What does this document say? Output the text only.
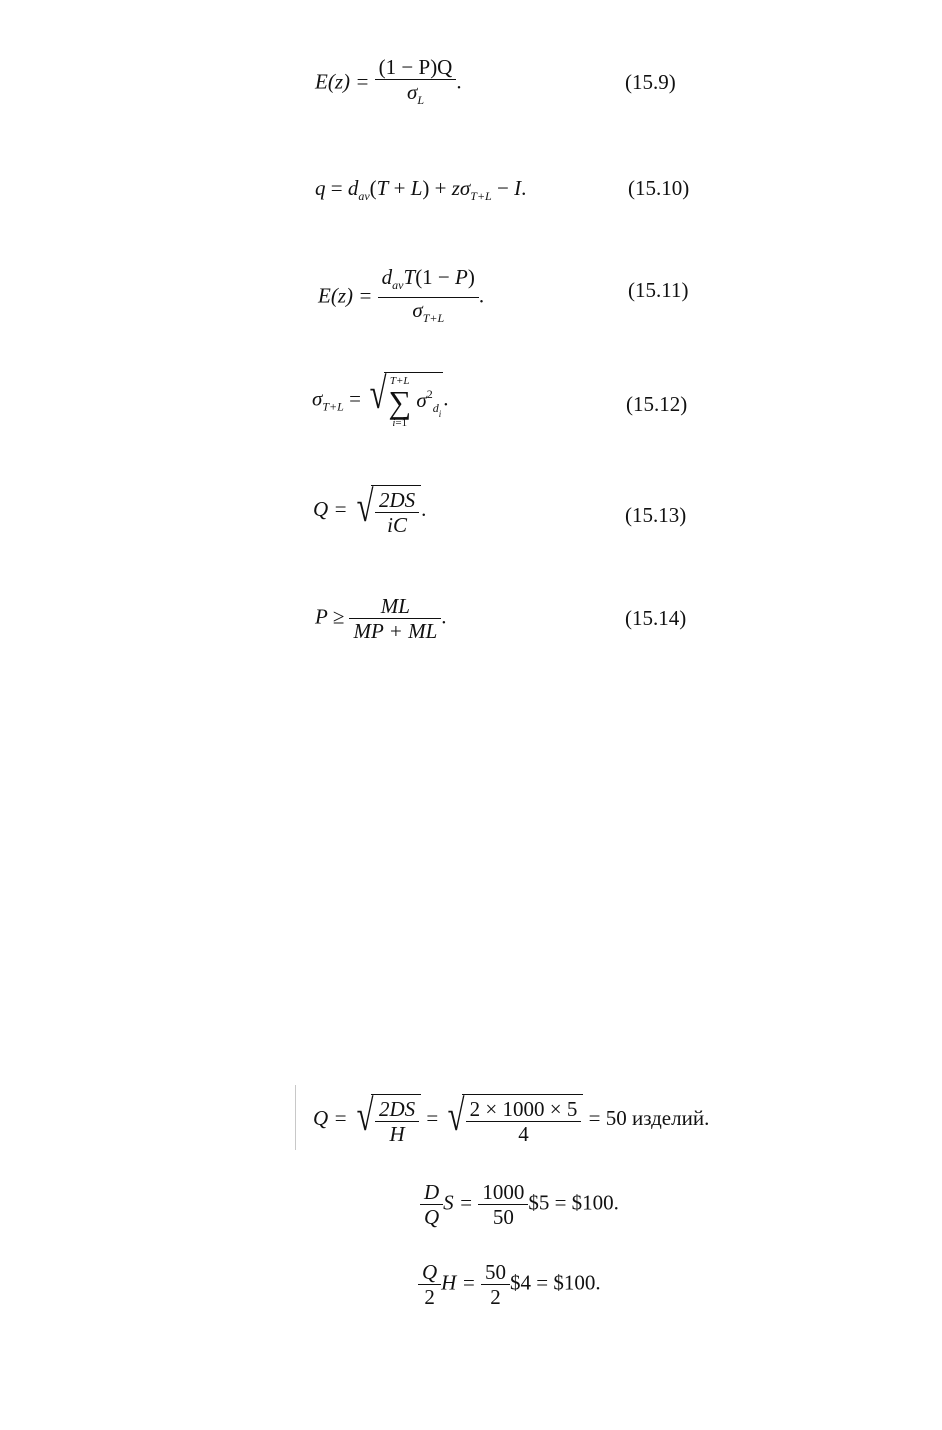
$E(z) = \frac{(1 - P)Q}{\sigma_L}$ .	(15.9)
$q = d_{av}(T + L) + z\sigma_{T+L} - I$.	(15.10)
$E(z) = \frac{d_{av}T(1 - P)}{\sigma_{T+L}}$ .	(15.11)
$\sigma_{T+L}$ = √ T+L
∑
i=1
$\sigma^2_{d_i}$
.	(15.12)
Q = √ $\frac{2DS}{iC}$ .	(15.13)
$P \ge \frac{ML}{MP + ML}$ .	(15.14)
Q = √ $\frac{2DS}{H}$ = √ $\frac{2 \times 1000 \times 5}{4} = 50$ изделий.
$\frac{D}{Q}$ $S = \frac{1000}{50}$ $5 = $100.
$\frac{Q}{2}$ $H = \frac{50}{2}$ $4 = $100.
